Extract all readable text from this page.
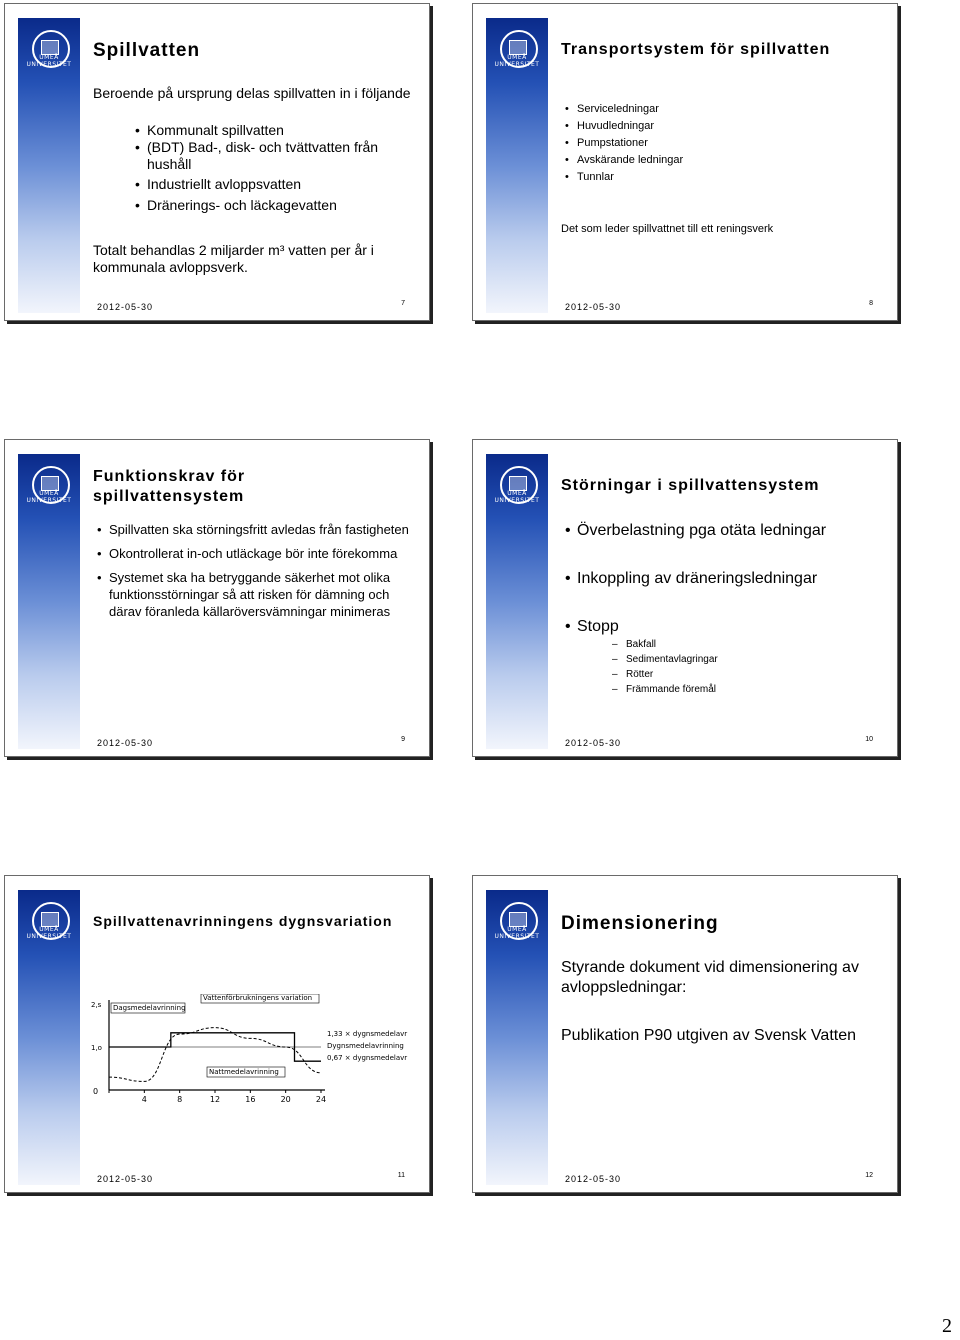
UMEÅ UNIVERSITET
Spillvatten
Beroende på ursprung delas spillvatten in i följande
• Kommunalt spillvatten
• (BDT) Bad-, disk- och tvättvatten från hushåll
• Industriellt avloppsvatten
• Dränerings- och läckagevatten
Totalt behandlas 2 miljarder m³ vatten per år i kommunala avloppsverk.
2012-05-30	7
UMEÅ UNIVERSITET
Transportsystem för spillvatten
• Serviceledningar
• Huvudledningar
• Pumpstationer
• Avskärande ledningar
• Tunnlar
Det som leder spillvattnet till ett reningsverk
2012-05-30	8
UMEÅ UNIVERSITET
Funktionskrav för spillvattensystem
• Spillvatten ska störningsfritt avledas från fastigheten
• Okontrollerat in-och utläckage bör inte förekomma
• Systemet ska ha betryggande säkerhet mot olika funktionsstörningar så att risken för dämning och därav föranleda källaröversvämningar minimeras
2012-05-30	9
UMEÅ UNIVERSITET
Störningar i spillvattensystem
• Överbelastning pga otäta ledningar
• Inkoppling av dräneringsledningar
• Stopp
– Bakfall
– Sedimentavlagringar
– Rötter
– Främmande föremål
2012-05-30	10
UMEÅ UNIVERSITET
Spillvattenavrinningens dygnsvariation
4	8	12	16	20	24
0
2,s
1,o
Dagsmedelavrinning
Vattenförbrukningens variation
1,33 × dygnsmedelavr
Dygnsmedelavrinning
0,67 × dygnsmedelavr
Nattmedelavrinning
2012-05-30	11
UMEÅ UNIVERSITET
Dimensionering
Styrande dokument vid dimensionering av avloppsledningar:
Publikation P90 utgiven av Svensk Vatten
2012-05-30	12
2
